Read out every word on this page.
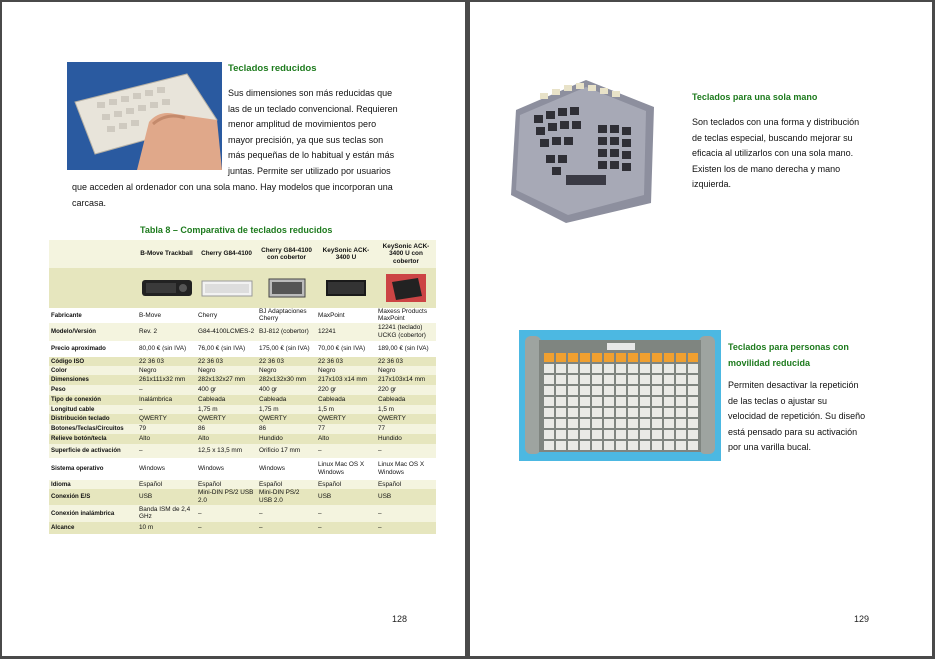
Teclados reducidos

Sus dimensiones son más reducidas que
las de un teclado convencional. Requieren
menor amplitud de movimientos pero
mayor precisión, ya que sus teclas son
más pequeñas de lo habitual y están más
juntas. Permite ser utilizado por usuarios

que acceden al ordenador con una sola mano. Hay modelos que incorporan una
carcasa.

Tabla 8 – Comparativa de teclados reducidos
	B-Move Trackball	Cherry G84-4100	Cherry G84-4100 con cobertor	KeySonic ACK-3400 U	KeySonic ACK-3400 U con cobertor

Fabricante	B-Move	Cherry	BJ Adaptaciones Cherry	MaxPoint	Maxess Products MaxPoint
Modelo/Versión	Rev. 2	G84-4100LCMES-2	BJ-812 (cobertor)	12241	12241 (teclado) UCKG (cobertor)
Precio aproximado	80,00 € (sin IVA)	76,00 € (sin IVA)	175,00 € (sin IVA)	70,00 € (sin IVA)	189,00 € (sin IVA)
Código ISO	22 36 03	22 36 03	22 36 03	22 36 03	22 36 03
Color	Negro	Negro	Negro	Negro	Negro
Dimensiones	261x111x32 mm	282x132x27 mm	282x132x30 mm	217x103 x14 mm	217x103x14 mm
Peso	–	400 gr	400 gr	220 gr	220 gr
Tipo de conexión	Inalámbrica	Cableada	Cableada	Cableada	Cableada
Longitud cable	–	1,75 m	1,75 m	1,5 m	1,5 m
Distribución teclado	QWERTY	QWERTY	QWERTY	QWERTY	QWERTY
Botones/Teclas/Circuitos	79	86	86	77	77
Relieve botón/tecla	Alto	Alto	Hundido	Alto	Hundido
Superficie de activación	–	12,5 x 13,5 mm	Orificio 17 mm	–	–
Sistema operativo	Windows	Windows	Windows	Linux Mac OS X Windows	Linux Mac OS X Windows
Idioma	Español	Español	Español	Español	Español
Conexión E/S	USB	Mini-DIN PS/2 USB 2.0	Mini-DIN PS/2 USB 2.0	USB	USB
Conexión inalámbrica	Banda ISM de 2,4 GHz	–	–	–	–
Alcance	10 m	–	–	–	–
128
Teclados para una sola mano

Son teclados con una forma y distribución
de teclas especial, buscando mejorar su
eficacia al utilizarlos con una sola mano.
Existen los de mano derecha y mano
izquierda.

Teclados para personas con
movilidad reducida

Permiten desactivar la repetición
de las teclas o ajustar su
velocidad de repetición. Su diseño
está pensado para su activación
por una varilla bucal.

129
